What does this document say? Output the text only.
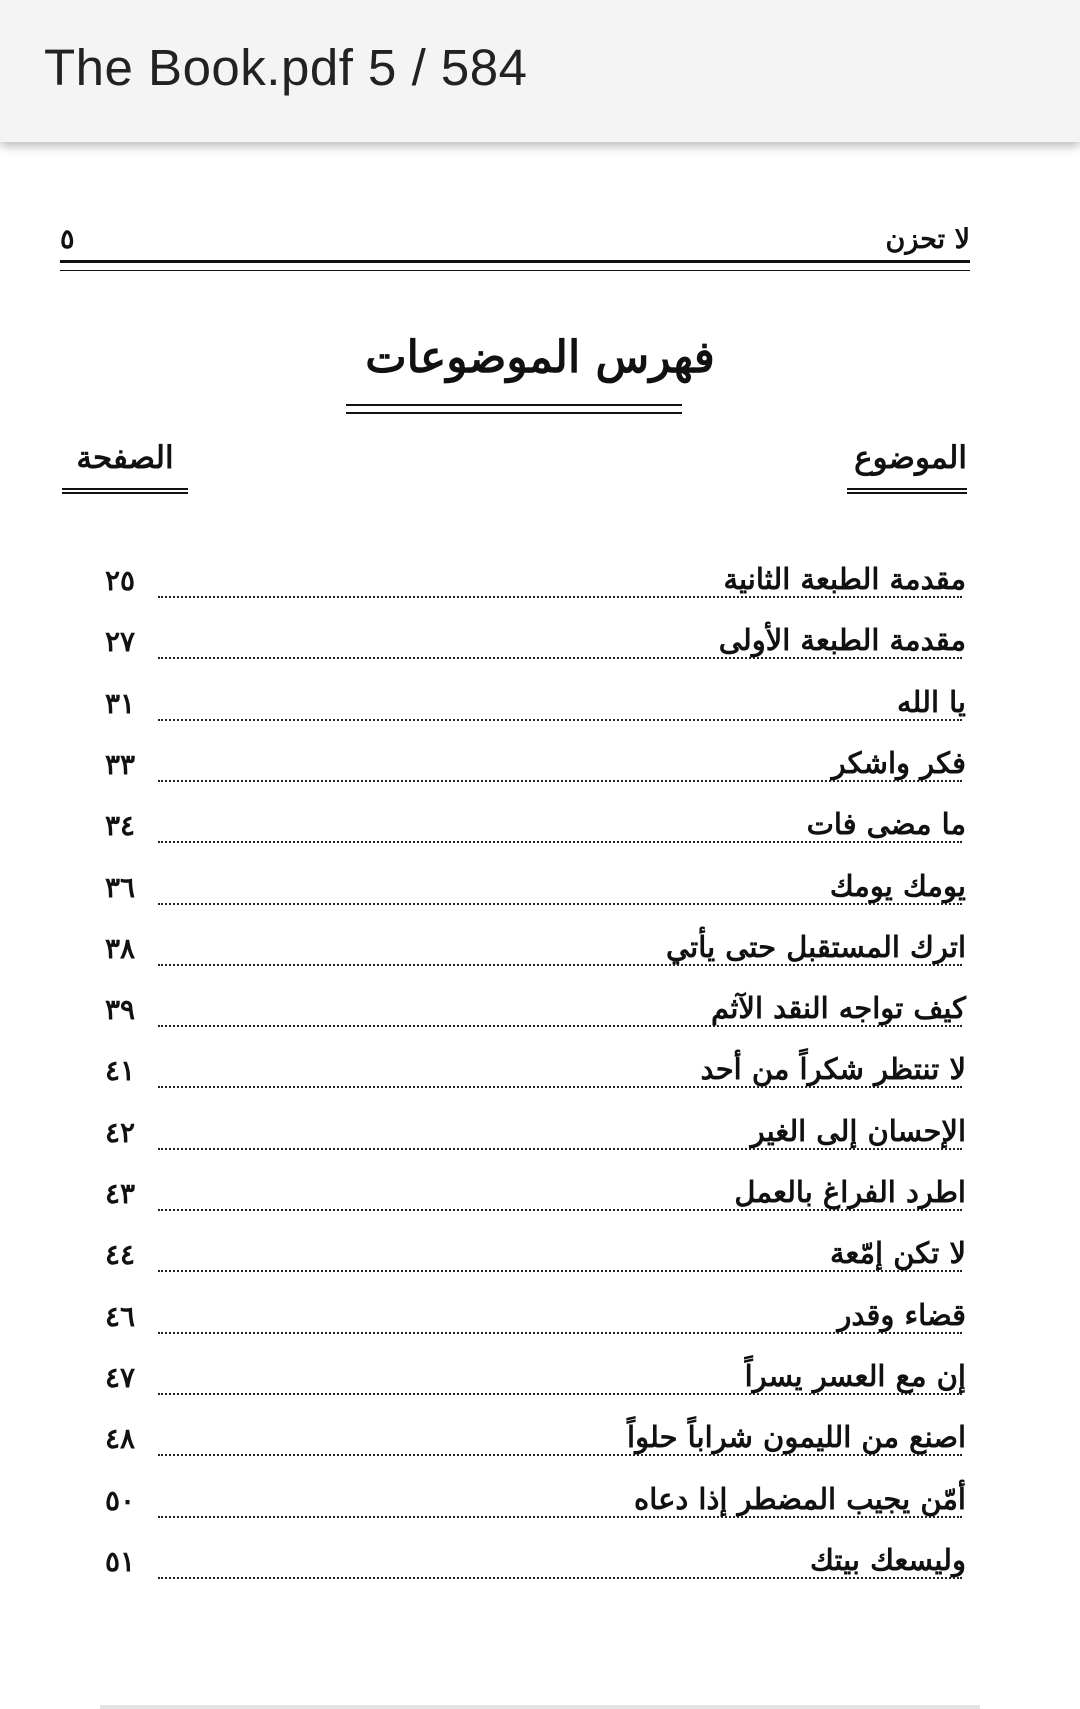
The Book.pdf 5 / 584
لا تحزن
٥
فهرس الموضوعات
الموضوع
الصفحة
مقدمة الطبعة الثانية
٢٥
مقدمة الطبعة الأولى
٢٧
يا الله
٣١
فكر واشكر
٣٣
ما مضى فات
٣٤
يومك يومك
٣٦
اترك المستقبل حتى يأتي
٣٨
كيف تواجه النقد الآثم
٣٩
لا تنتظر شكراً من أحد
٤١
الإحسان إلى الغير
٤٢
اطرد الفراغ بالعمل
٤٣
لا تكن إمّعة
٤٤
قضاء وقدر
٤٦
إن مع العسر يسراً
٤٧
اصنع من الليمون شراباً حلواً
٤٨
أمّن يجيب المضطر إذا دعاه
٥٠
وليسعك بيتك
٥١
